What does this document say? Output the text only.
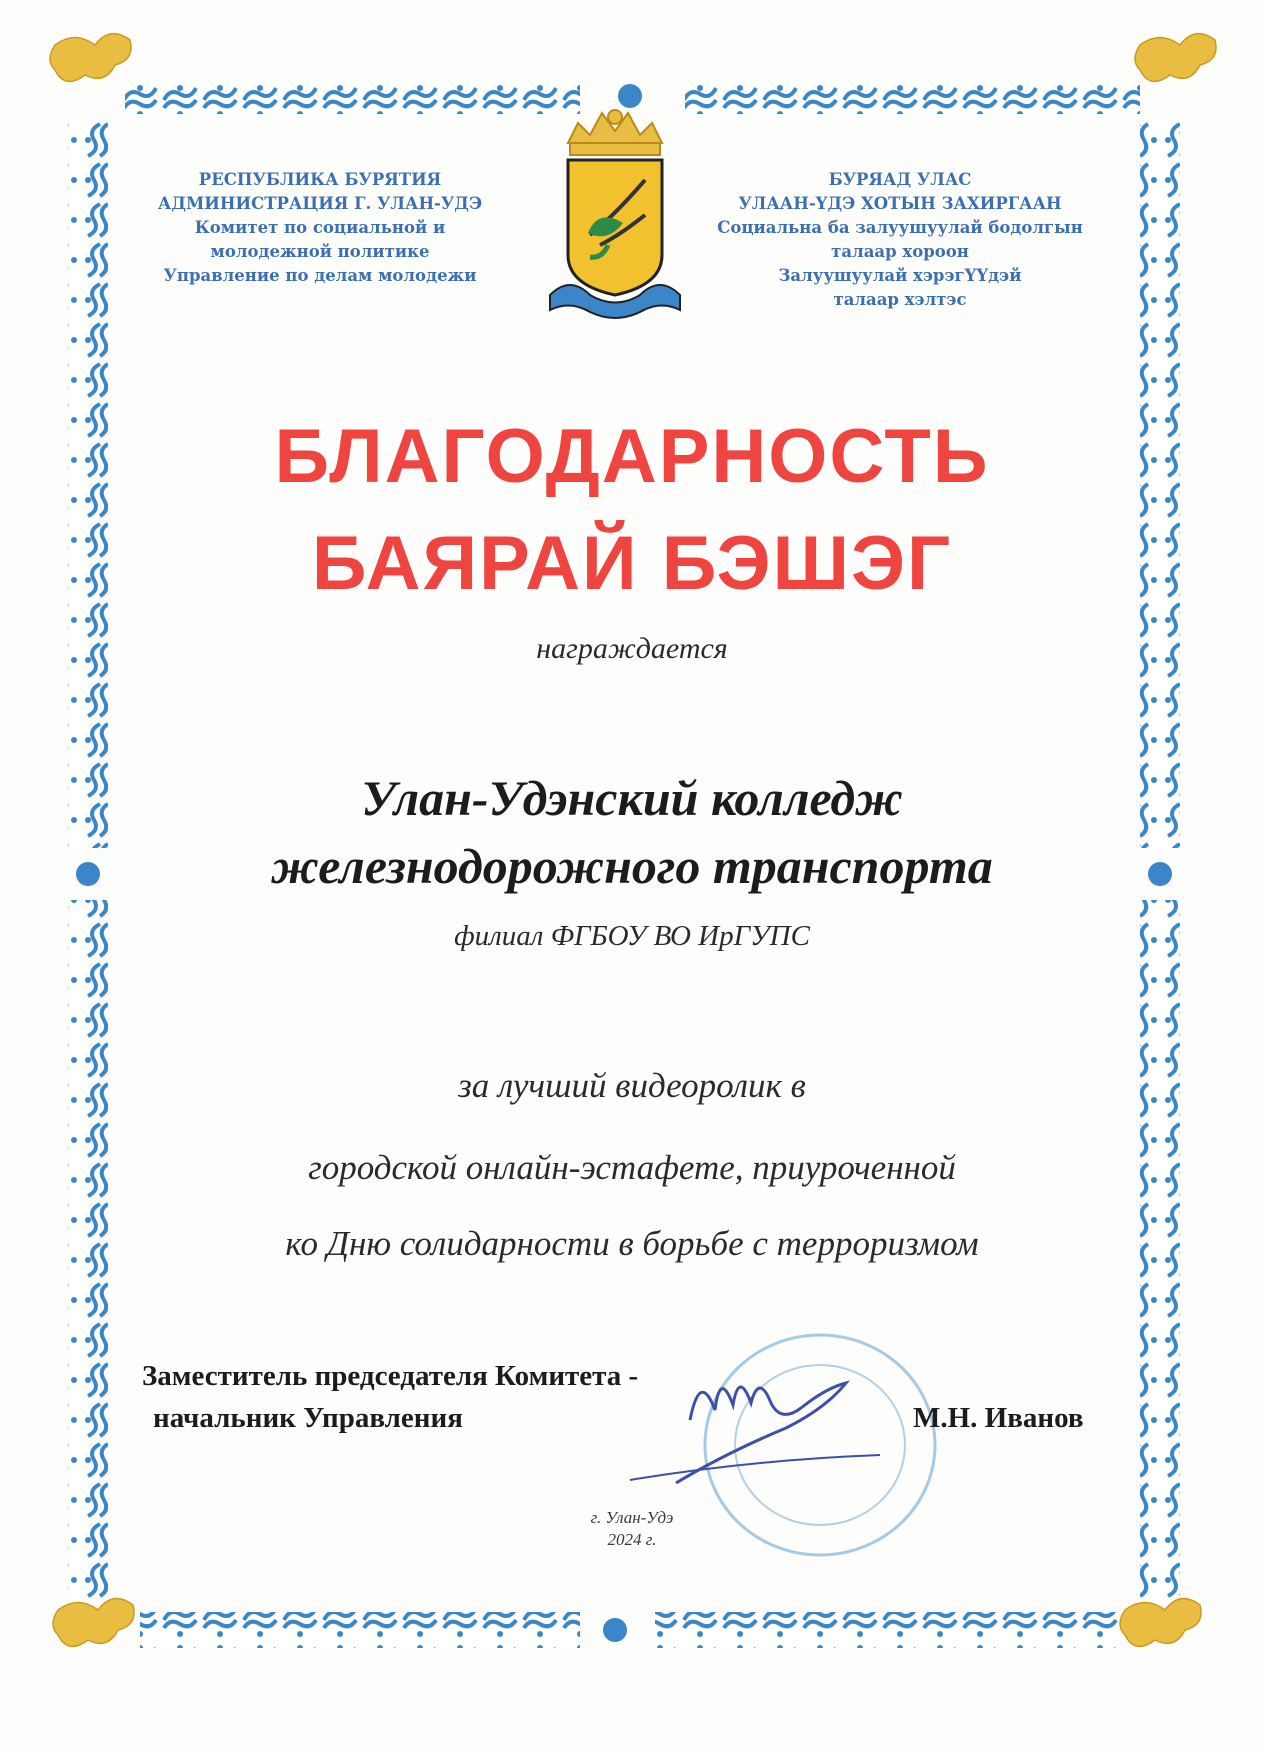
РЕСПУБЛИКА БУРЯТИЯ
АДМИНИСТРАЦИЯ Г. УЛАН-УДЭ
Комитет по социальной и
молодежной политике
Управление по делам молодежи
БУРЯАД УЛАС
УЛААН-ҮДЭ ХОТЫН ЗАХИРГААН
Социальна ба залуушуулай бодолгын
талаар хороон
Залуушуулай хэрэгҮҮдэй
талаар хэлтэс
БЛАГОДАРНОСТЬ
БАЯРАЙ БЭШЭГ
награждается
Улан-Удэнский колледж
железнодорожного транспорта
филиал ФГБОУ ВО ИрГУПС
за лучший видеоролик в
городской онлайн-эстафете, приуроченной
ко Дню солидарности в борьбе с терроризмом
Заместитель председателя Комитета -
начальник Управления	М.Н. Иванов
г. Улан-Удэ
2024 г.
